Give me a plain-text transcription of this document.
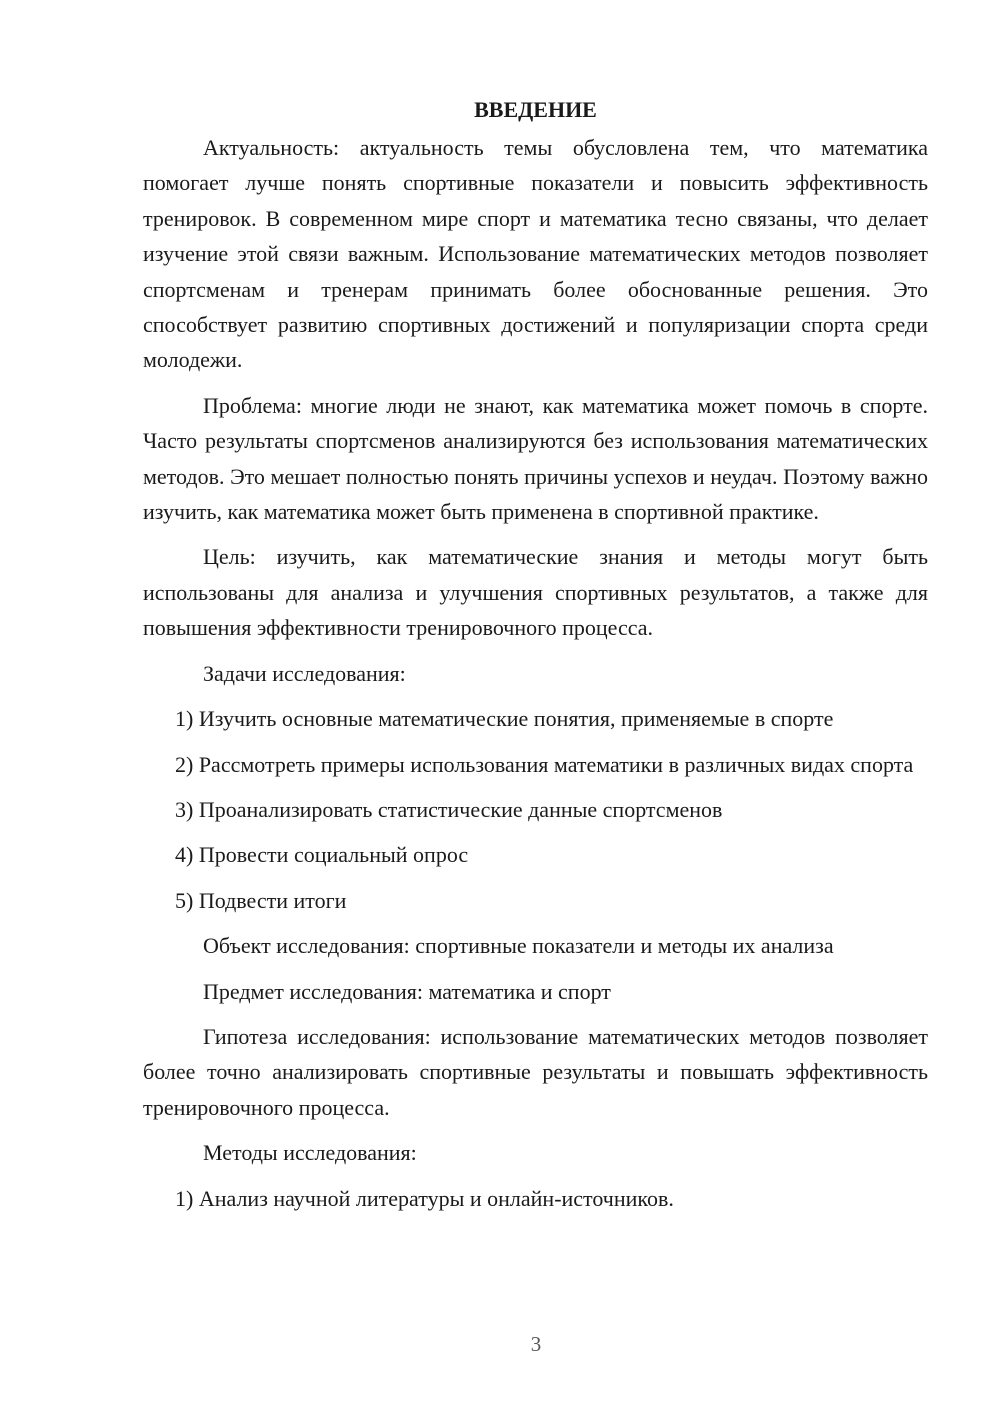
ВВЕДЕНИЕ

Актуальность: актуальность темы обусловлена тем, что математика помогает лучше понять спортивные показатели и повысить эффективность тренировок. В современном мире спорт и математика тесно связаны, что делает изучение этой связи важным. Использование математических методов позволяет спортсменам и тренерам принимать более обоснованные решения. Это способствует развитию спортивных достижений и популяризации спорта среди молодежи.

Проблема: многие люди не знают, как математика может помочь в спорте. Часто результаты спортсменов анализируются без использования математических методов. Это мешает полностью понять причины успехов и неудач. Поэтому важно изучить, как математика может быть применена в спортивной практике.

Цель: изучить, как математические знания и методы могут быть использованы для анализа и улучшения спортивных результатов, а также для повышения эффективности тренировочного процесса.

Задачи исследования:

1) Изучить основные математические понятия, применяемые в спорте

2) Рассмотреть примеры использования математики в различных видах спорта

3) Проанализировать статистические данные спортсменов

4) Провести социальный опрос

5) Подвести итоги

Объект исследования: спортивные показатели и методы их анализа

Предмет исследования: математика и спорт

Гипотеза исследования: использование математических методов позволяет более точно анализировать спортивные результаты и повышать эффективность тренировочного процесса.

Методы исследования:

1) Анализ научной литературы и онлайн-источников.

3
